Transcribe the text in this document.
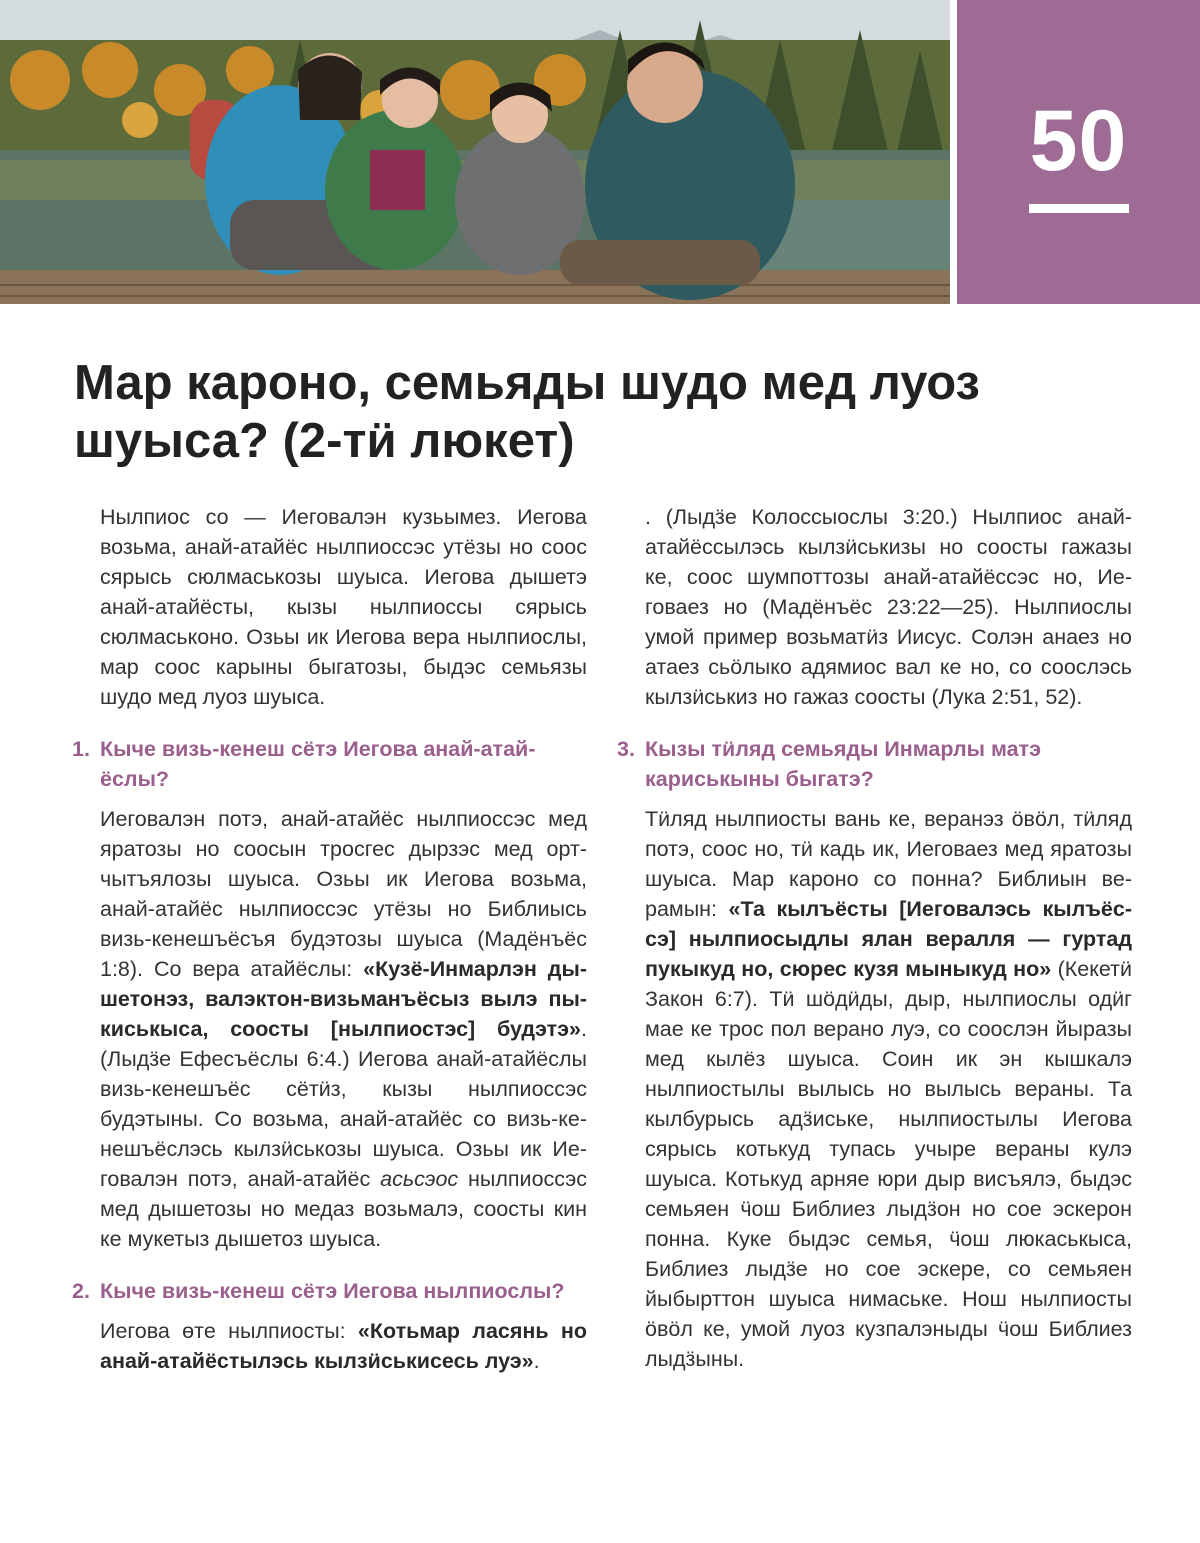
50
Мар кароно, семьяды шудо мед луоз шуыса? (2-тӥ люкет)

Нылпиос со — Иеговалэн кузьымез. Иегова возьма, анай-атайёс нылпиоссэс утёзы но сооc сярысь сюлмаськозы шуыса. Иегова дышетэ анай-атайёсты, кызы нылпиоссы сярысь сюлмаськоно. Озьы ик Иегова вера нылпиослы, мар соос карыны быгатозы, быдэс семьязы шудо мед луоз шуыса.

1. Кыче визь-кенеш сётэ Иегова анай-атайёслы?

Иеговалэн потэ, анай-атайёс нылпиоссэс мед яратозы но соосын тросгес дырзэс мед ортчытъялозы шуыса. Озьы ик Иегова возьма, анай-атайёс нылпиоссэс утёзы но Библиысь визь-кенешъёсъя будэтозы шуыса (Мадёнъёс 1:8). Со вера атайёслы: «Кузё-Инмарлэн дышетонэз, валэктон-визьманъёсыз вылэ пыкиськыса, соосты [нылпиостэс] будэтэ». (Лыдӟе Ефесъёслы 6:4.) Иегова анай-атайёслы визь-кенешъёс сётӥз, кызы нылпиоссэс будэтыны. Со возьма, анай-атайёс со визь-кенешъёслэсь кылзӥськозы шуыса. Озьы ик Иеговалэн потэ, анай-атайёс асьсэос нылпиоссэс мед дышетозы но медаз возьмалэ, соосты кин ке мукетыз дышетоз шуыса.

2. Кыче визь-кенеш сётэ Иегова нылпиослы?

Иегова өтe нылпиосты: «Котьмар ласянь но анай-атайёстылэсь кылзӥськисесь луэ».

. (Лыдӟе Колоссыослы 3:20.) Нылпиос анай-атайёссылэсь кылзӥськизы но соосты гажазы ке, соос шумпоттозы анай-атайёссэс но, Иеговаез но (Мадёнъёс 23:22—25). Нылпиослы умой пример возьматӥз Иисус. Солэн анаез но атаез сьӧлыко адямиос вал ке но, со сооcлэсь кылзӥськиз но гажаз соосты (Лука 2:51, 52).

3. Кызы тӥляд семьяды Инмарлы матэ кариськыны быгатэ?

Тӥляд нылпиосты вань ке, веранэз ӧвӧл, тӥляд потэ, соос но, тӥ кадь ик, Иеговаез мед яратозы шуыса. Мар кароно со понна? Библиын верамын: «Та кылъёсты [Иеговалэсь кылъёссэ] нылпиосыдлы ялан вералля — гуртад пукыкуд но, сюрес кузя мыныкуд но» (Кекетӥ Закон 6:7). Тӥ шӧдӥды, дыр, нылпиослы одӥг мае ке трос пол верано луэ, со сооcлэн йыразы мед кылёз шуыса. Соин ик эн кышкалэ нылпиостылы вылысь но вылысь вераны. Та кылбурысь адӟиське, нылпиостылы Иегова сярысь котькуд тупась учыре вераны кулэ шуыса. Котькуд арняе юри дыр висъялэ, быдэс семьяен ӵош Библиез лыдӟон но сое эскерон понна. Куке быдэс семья, ӵош люкаськыса, Библиез лыдӟе но сое эскере, со семьяен йыбырттон шуыса нимаське. Нош нылпиосты ӧвӧл ке, умой луоз кузпалэныды ӵош Библиез лыдӟыны.
